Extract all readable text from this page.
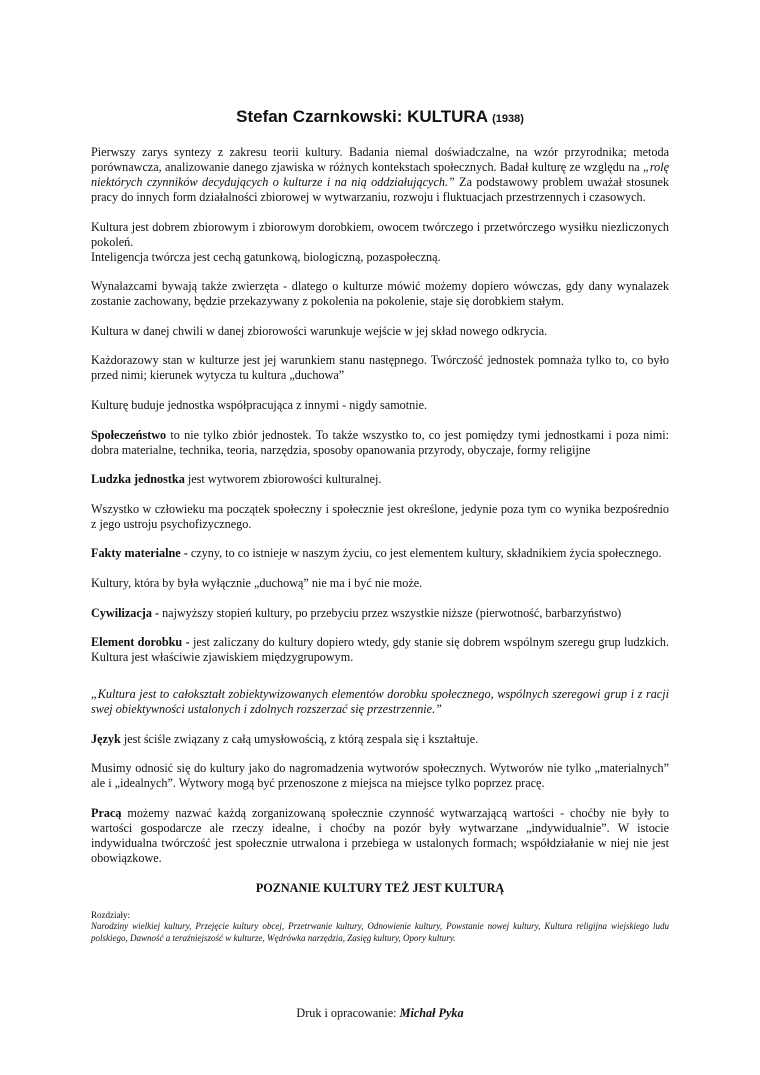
Stefan Czarnkowski: KULTURA (1938)

Pierwszy zarys syntezy z zakresu teorii kultury. Badania niemal doświadczalne, na wzór przyrodnika; metoda porównawcza, analizowanie danego zjawiska w różnych kontekstach społecznych. Badał kulturę ze względu na „rolę niektórych czynników decydujących o kulturze i na nią oddziałujących.” Za podstawowy problem uważał stosunek pracy do innych form działalności zbiorowej w wytwarzaniu, rozwoju i fluktuacjach przestrzennych i czasowych.

Kultura jest dobrem zbiorowym i zbiorowym dorobkiem, owocem twórczego i przetwórczego wysiłku niezliczonych pokoleń.

Inteligencja twórcza jest cechą gatunkową, biologiczną, pozaspołeczną.

Wynalazcami bywają także zwierzęta - dlatego o kulturze mówić możemy dopiero wówczas, gdy dany wynalazek zostanie zachowany, będzie przekazywany z pokolenia na pokolenie, staje się dorobkiem stałym.

Kultura w danej chwili w danej zbiorowości warunkuje wejście w jej skład nowego odkrycia.

Każdorazowy stan w kulturze jest jej warunkiem stanu następnego. Twórczość jednostek pomnaża tylko to, co było przed nimi; kierunek wytycza tu kultura „duchowa”

Kulturę buduje jednostka współpracująca z innymi - nigdy samotnie.

Społeczeństwo to nie tylko zbiór jednostek. To także wszystko to, co jest pomiędzy tymi jednostkami i poza nimi: dobra materialne, technika, teoria, narzędzia, sposoby opanowania przyrody, obyczaje, formy religijne

Ludzka jednostka jest wytworem zbiorowości kulturalnej.

Wszystko w człowieku ma początek społeczny i społecznie jest określone, jedynie poza tym co wynika bezpośrednio z jego ustroju psychofizycznego.

Fakty materialne - czyny, to co istnieje w naszym życiu, co jest elementem kultury, składnikiem życia społecznego.

Kultury, która by była wyłącznie „duchową” nie ma i być nie może.

Cywilizacja - najwyższy stopień kultury, po przebyciu przez wszystkie niższe (pierwotność, barbarzyństwo)

Element dorobku - jest zaliczany do kultury dopiero wtedy, gdy stanie się dobrem wspólnym szeregu grup ludzkich. Kultura jest właściwie zjawiskiem międzygrupowym.

„Kultura jest to całokształt zobiektywizowanych elementów dorobku społecznego, wspólnych szeregowi grup i z racji swej obiektywności ustalonych i zdolnych rozszerzać się przestrzennie.”

Język jest ściśle związany z całą umysłowością, z którą zespala się i kształtuje.

Musimy odnosić się do kultury jako do nagromadzenia wytworów społecznych. Wytworów nie tylko „materialnych” ale i „idealnych”. Wytwory mogą być przenoszone z miejsca na miejsce tylko poprzez pracę.

Pracą możemy nazwać każdą zorganizowaną społecznie czynność wytwarzającą wartości - choćby nie były to wartości gospodarcze ale rzeczy idealne, i choćby na pozór były wytwarzane „indywidualnie”. W istocie indywidualna twórczość jest społecznie utrwalona i przebiega w ustalonych formach; współdziałanie w niej nie jest obowiązkowe.

POZNANIE KULTURY TEŻ JEST KULTURĄ
Rozdziały:
Narodziny wielkiej kultury, Przejęcie kultury obcej, Przetrwanie kultury, Odnowienie kultury, Powstanie nowej kultury, Kultura religijna wiejskiego ludu polskiego, Dawność a teraźniejszość w kulturze, Wędrówka narzędzia, Zasięg kultury, Opory kultury.
Druk i opracowanie: Michał Pyka
